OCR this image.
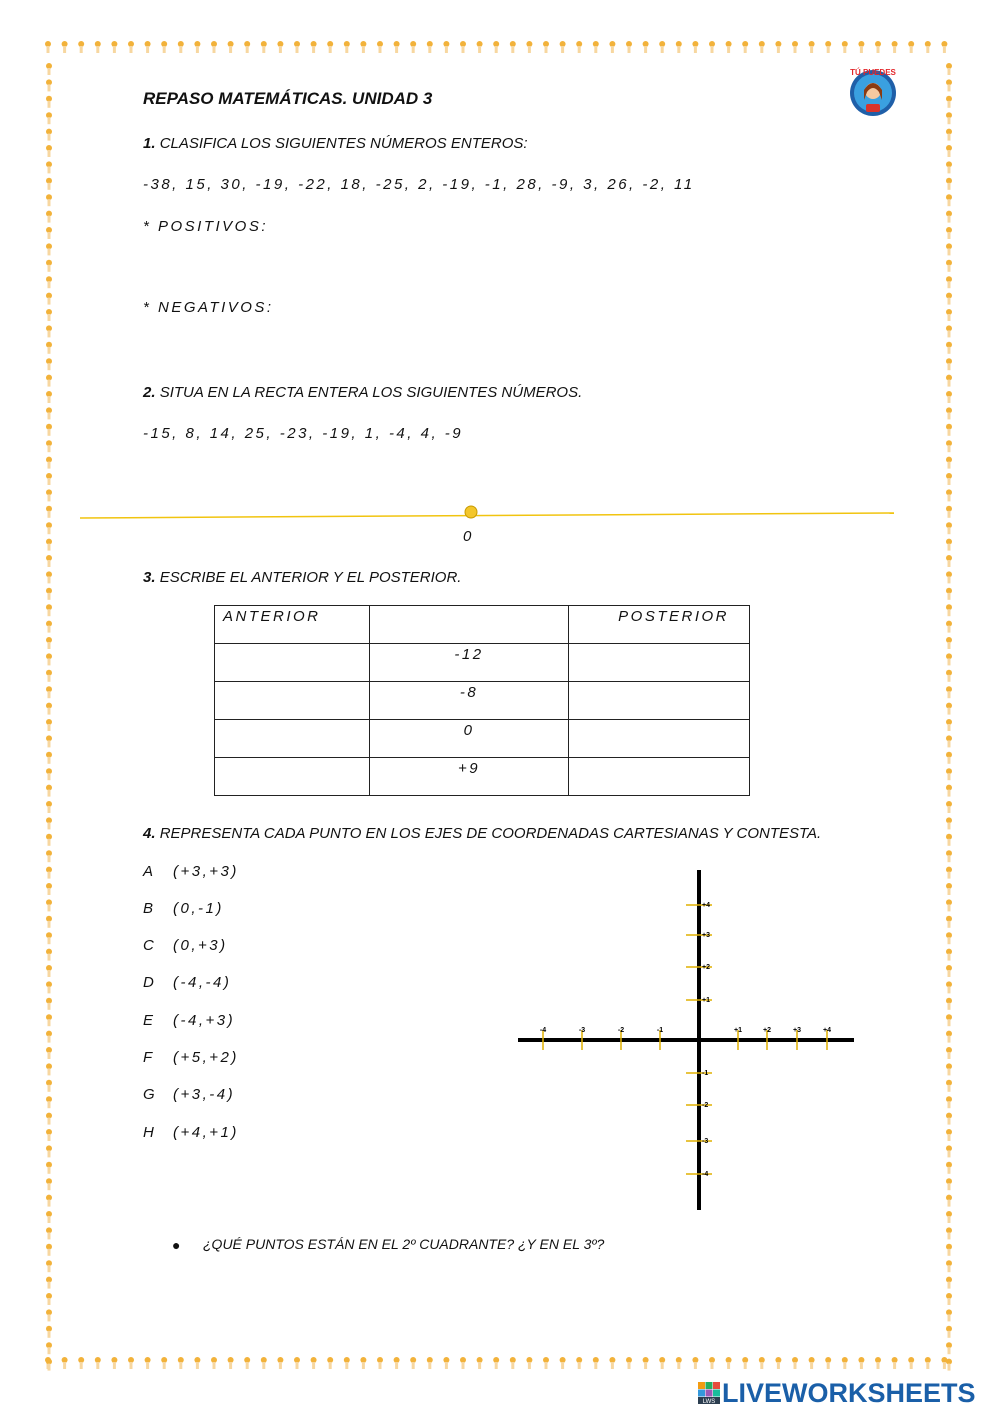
REPASO MATEMÁTICAS. UNIDAD 3
TÚ PUEDES
1. CLASIFICA LOS SIGUIENTES NÚMEROS ENTEROS:
-38, 15, 30, -19, -22, 18, -25, 2, -19, -1, 28, -9, 3, 26, -2, 11
* POSITIVOS:
* NEGATIVOS:
2. SITUA EN LA RECTA ENTERA LOS SIGUIENTES NÚMEROS.
-15, 8, 14, 25, -23, -19, 1, -4, 4, -9
0
3. ESCRIBE EL ANTERIOR Y EL POSTERIOR.
ANTERIOR		POSTERIOR
	-12	
	-8	
	0	
	+9	
4. REPRESENTA CADA PUNTO EN LOS EJES DE COORDENADAS CARTESIANAS Y CONTESTA.
A (+3,+3)
B (0,-1)
C (0,+3)
D (-4,-4)
E (-4,+3)
F (+5,+2)
G (+3,-4)
H (+4,+1)
-4	-3	-2	-1	+1	+2	+3	+4
+4
+3
+2
+1
-1
-2
-3
-4
● ¿QUÉ PUNTOS ESTÁN EN EL 2º CUADRANTE? ¿Y EN EL 3º?
LWS LIVEWORKSHEETS
